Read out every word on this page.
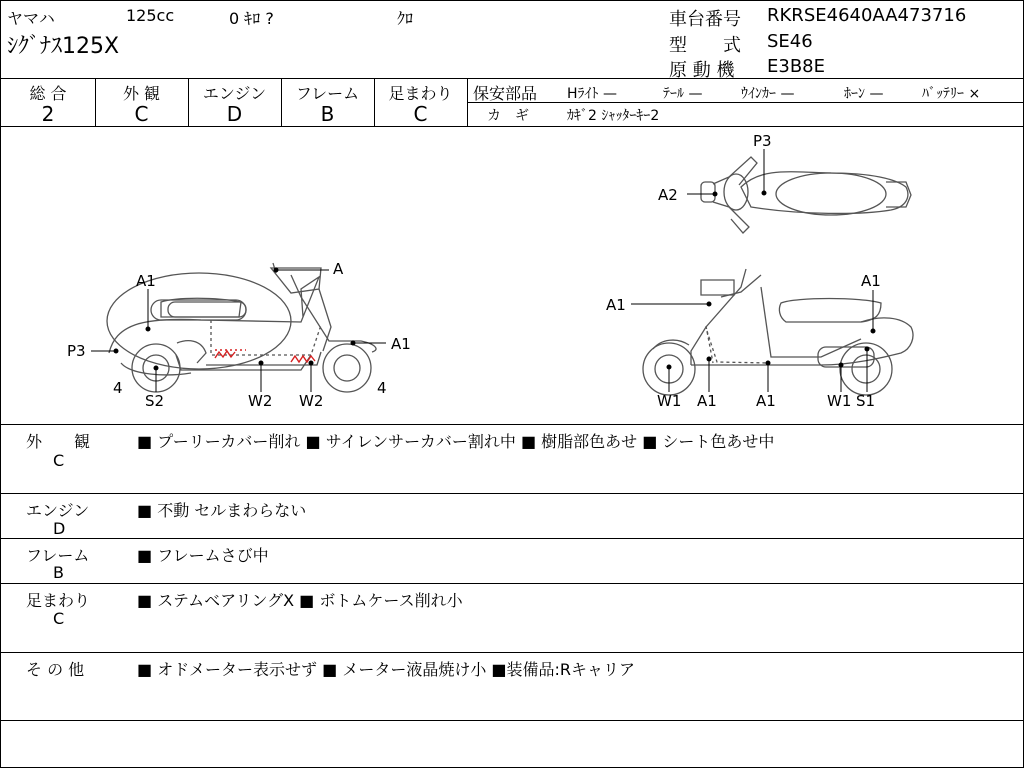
ヤマハ	125cc	0 ｷﾛ ?	ｸﾛ
ｼｸﾞﾅｽ125X
車台番号 RKRSE4640AA473716
型　　式 SE46
原 動 機 E3B8E
総 合
2
外 観
C
エンジン
D
フレーム
B
足まわり
C
保安部品 Hﾗｲﾄ —	ﾃｰﾙ —	ｳｲﾝｶｰ —	ﾎｰﾝ —	ﾊﾞｯﾃﾘｰ ×
カ　ギ	ｶｷﾞ2 ｼｬｯﾀｰｷｰ2
A1
A
A1
P3
4
S2	W2 W2
4
P3
A2
A1
A1
W1 A1	A1	W1 S1
外　　観
C
■ プーリーカバー削れ ■ サイレンサーカバー割れ中 ■ 樹脂部色あせ ■ シート色あせ中
エンジン
D
■ 不動 セルまわらない
フレーム
B
■ フレームさび中
足まわり
C
■ ステムベアリングX ■ ボトムケース削れ小
そ の 他	■ オドメーター表示せず ■ メーター液晶焼け小 ■装備品:Rキャリア
